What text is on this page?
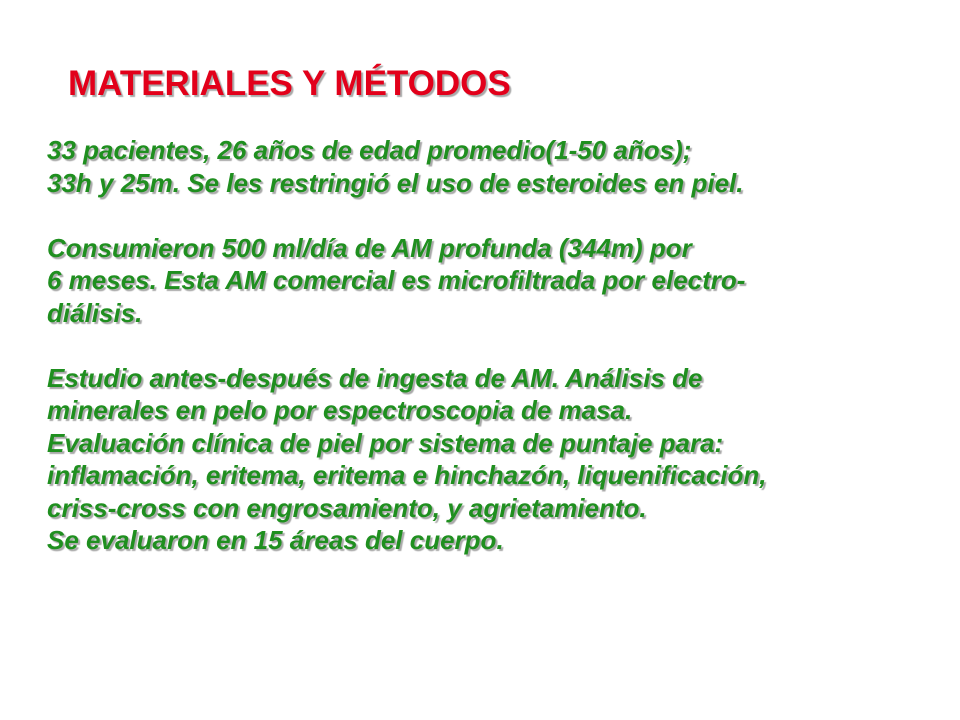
MATERIALES Y MÉTODOS
33 pacientes, 26 años de edad promedio(1-50 años);
33h y 25m. Se les restringió el uso de esteroides en piel.
Consumieron 500 ml/día de AM profunda (344m) por
6 meses. Esta AM comercial es microfiltrada por electro-
diálisis.
Estudio antes-después de ingesta de AM. Análisis de
minerales en pelo por espectroscopia de masa.
Evaluación clínica de piel por sistema de puntaje para:
inflamación, eritema, eritema e hinchazón, liquenificación,
criss-cross con engrosamiento, y agrietamiento.
Se evaluaron en 15 áreas del cuerpo.
